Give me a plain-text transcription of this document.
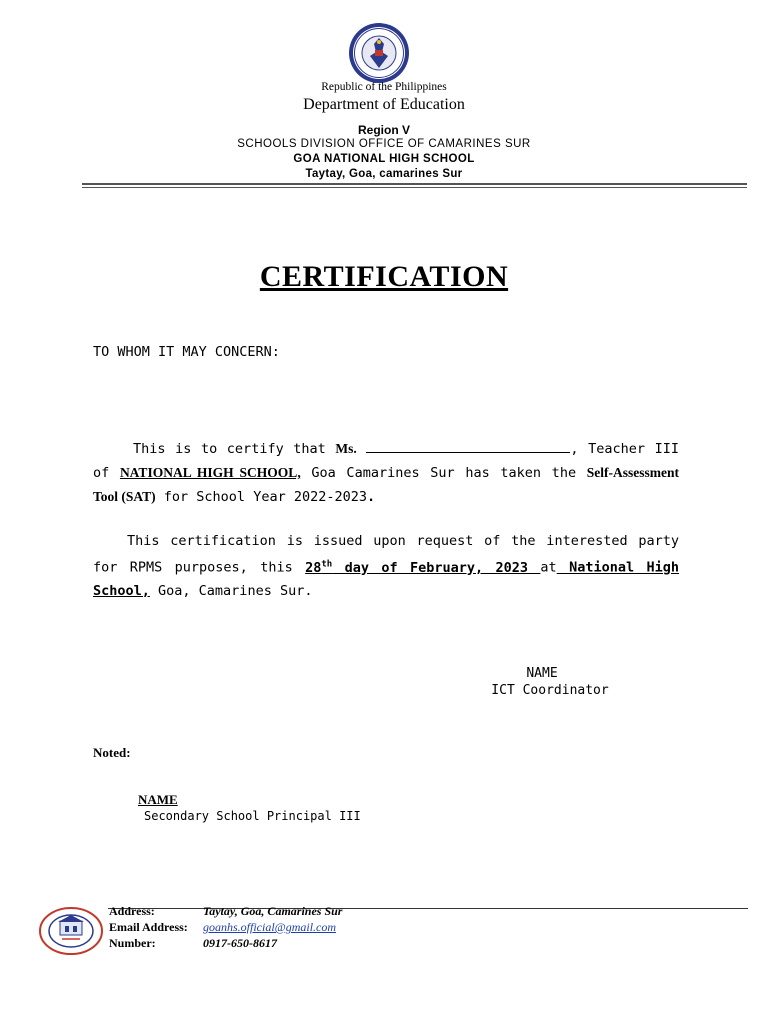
Republic of the Philippines
Department of Education
Region V
SCHOOLS DIVISION OFFICE OF CAMARINES SUR
GOA NATIONAL HIGH SCHOOL
Taytay, Goa, camarines Sur
CERTIFICATION
TO WHOM IT MAY CONCERN:
This is to certify that Ms.	, Teacher III of NATIONAL HIGH SCHOOL, Goa Camarines Sur has taken the Self-Assessment Tool (SAT) for School Year 2022-2023.
This certification is issued upon request of the interested party for RPMS purposes, this 28th day of February, 2023 at National High School, Goa, Camarines Sur.
NAME
ICT Coordinator
Noted:
NAME
Secondary School Principal III
Address:	Taytay, Goa, Camarines Sur
Email Address: goanhs.official@gmail.com
Number:	0917-650-8617
